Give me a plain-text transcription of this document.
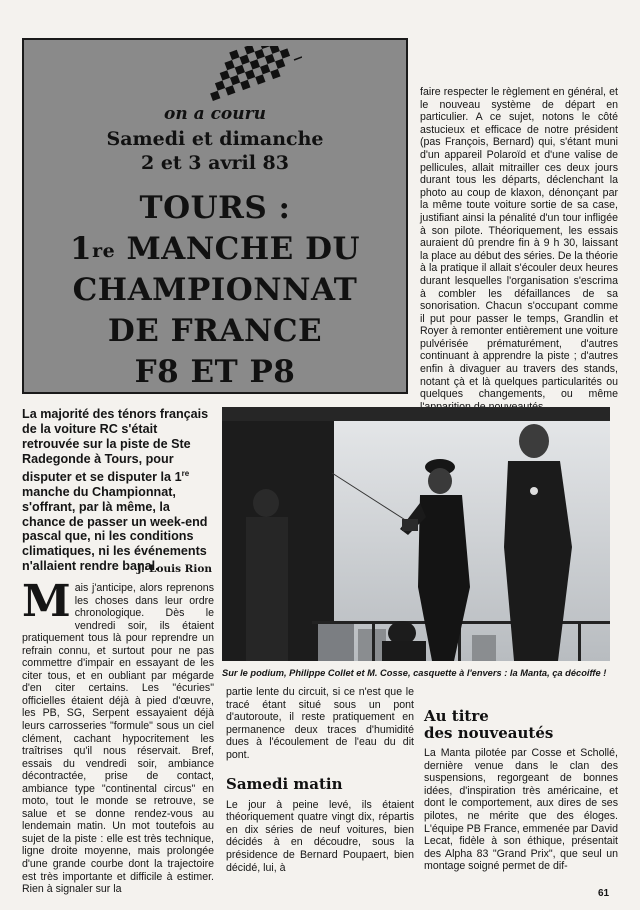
on a couru
Samedi et dimanche
2 et 3 avril 83
TOURS :
1re MANCHE DU
CHAMPIONNAT
DE FRANCE
F8 ET P8

faire respecter le règlement en général, et le nouveau système de départ en particulier. A ce sujet, notons le côté astucieux et efficace de notre président (pas François, Bernard) qui, s'étant muni d'un appareil Polaroïd et d'une valise de pellicules, allait mitrailler ces deux jours durant tous les départs, déclenchant la photo au coup de klaxon, dénonçant par la même toute voiture sortie de sa case, justifiant ainsi la pénalité d'un tour infligée à son pilote. Théoriquement, les essais auraient dû prendre fin à 9 h 30, laissant la place au début des séries. De la théorie à la pratique il allait s'écouler deux heures durant lesquelles l'organisation s'escrima à combler les défaillances de sa sonorisation. Chacun s'occupant comme il put pour passer le temps, Grandlin et Royer à remonter entièrement une voiture pulvérisée prématurément, d'autres continuant à apprendre la piste ; d'autres enfin à divaguer au travers des stands, notant çà et là quelques particularités ou quelques changements, ou même

La majorité des ténors français de la voiture RC s'était retrouvée sur la piste de Ste Radegonde à Tours, pour disputer et se disputer la 1re manche du Championnat, s'offrant, par là même, la chance de passer un week-end pascal que, ni les conditions climatiques, ni les événements n'allaient rendre banal.
J.-Louis Rion
Mais j'anticipe, alors reprenons les choses dans leur ordre chronologique. Dès le vendredi soir, ils étaient pratiquement tous là pour reprendre un refrain connu, et surtout pour ne pas commettre d'impair en essayant de les citer tous, et en oubliant par mégarde d'en citer certains. Les "écuries" officielles étaient déjà à pied d'œuvre, les PB, SG, Serpent essayaient déjà leurs carrosseries "formule" sous un ciel clément, cachant hypocritement les traîtrises qu'il nous réservait. Bref, essais du vendredi soir, ambiance décontractée, prise de contact, ambiance type "continental circus" en moto, tout le monde se retrouve, se salue et se donne rendez-vous au lendemain matin. Un mot toutefois au sujet de la piste : elle est très technique, ligne droite moyenne, mais prolongée d'une grande courbe dont la trajectoire est très importante et difficile à estimer. Rien à signaler sur la
Sur le podium, Philippe Collet et M. Cosse, casquette à l'envers : la Manta, ça décoiffe !

partie lente du circuit, si ce n'est que le tracé étant situé sous un pont d'autoroute, il reste pratiquement en permanence deux traces d'humidité dues à l'écoulement de l'eau du dit pont.

Samedi matin

Le jour à peine levé, ils étaient théoriquement quatre vingt dix, répartis en dix séries de neuf voitures, bien décidés à en découdre, sous la présidence de Bernard Poupaert, bien décidé, lui, à

Au titre
des nouveautés

La Manta pilotée par Cosse et Schollé, dernière venue dans le clan des suspensions, regorgeant de bonnes idées, d'inspiration très américaine, et dont le comportement, aux dires de ses pilotes, ne mérite que des éloges. L'équipe PB France, emmenée par David Lecat, fidèle à son éthique, présentait des Alpha 83 "Grand Prix", que seul un montage soigné permet de dif-

61
